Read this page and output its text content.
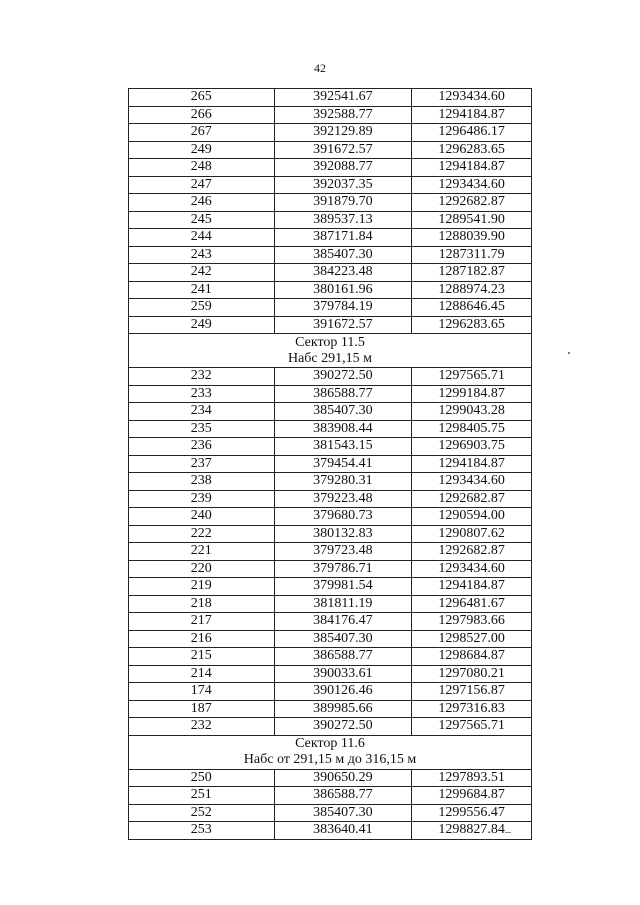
42
265	392541.67	1293434.60
266	392588.77	1294184.87
267	392129.89	1296486.17
249	391672.57	1296283.65
248	392088.77	1294184.87
247	392037.35	1293434.60
246	391879.70	1292682.87
245	389537.13	1289541.90
244	387171.84	1288039.90
243	385407.30	1287311.79
242	384223.48	1287182.87
241	380161.96	1288974.23
259	379784.19	1288646.45
249	391672.57	1296283.65

Сектор 11.5
Набс 291,15 м		

232	390272.50	1297565.71
233	386588.77	1299184.87
234	385407.30	1299043.28
235	383908.44	1298405.75
236	381543.15	1296903.75
237	379454.41	1294184.87
238	379280.31	1293434.60
239	379223.48	1292682.87
240	379680.73	1290594.00
222	380132.83	1290807.62
221	379723.48	1292682.87
220	379786.71	1293434.60
219	379981.54	1294184.87
218	381811.19	1296481.67
217	384176.47	1297983.66
216	385407.30	1298527.00
215	386588.77	1298684.87
214	390033.61	1297080.21
174	390126.46	1297156.87
187	389985.66	1297316.83
232	390272.50	1297565.71

Сектор 11.6
Набс от 291,15 м до 316,15 м		

250	390650.29	1297893.51
251	386588.77	1299684.87
252	385407.30	1299556.47
253	383640.41	1298827.84
